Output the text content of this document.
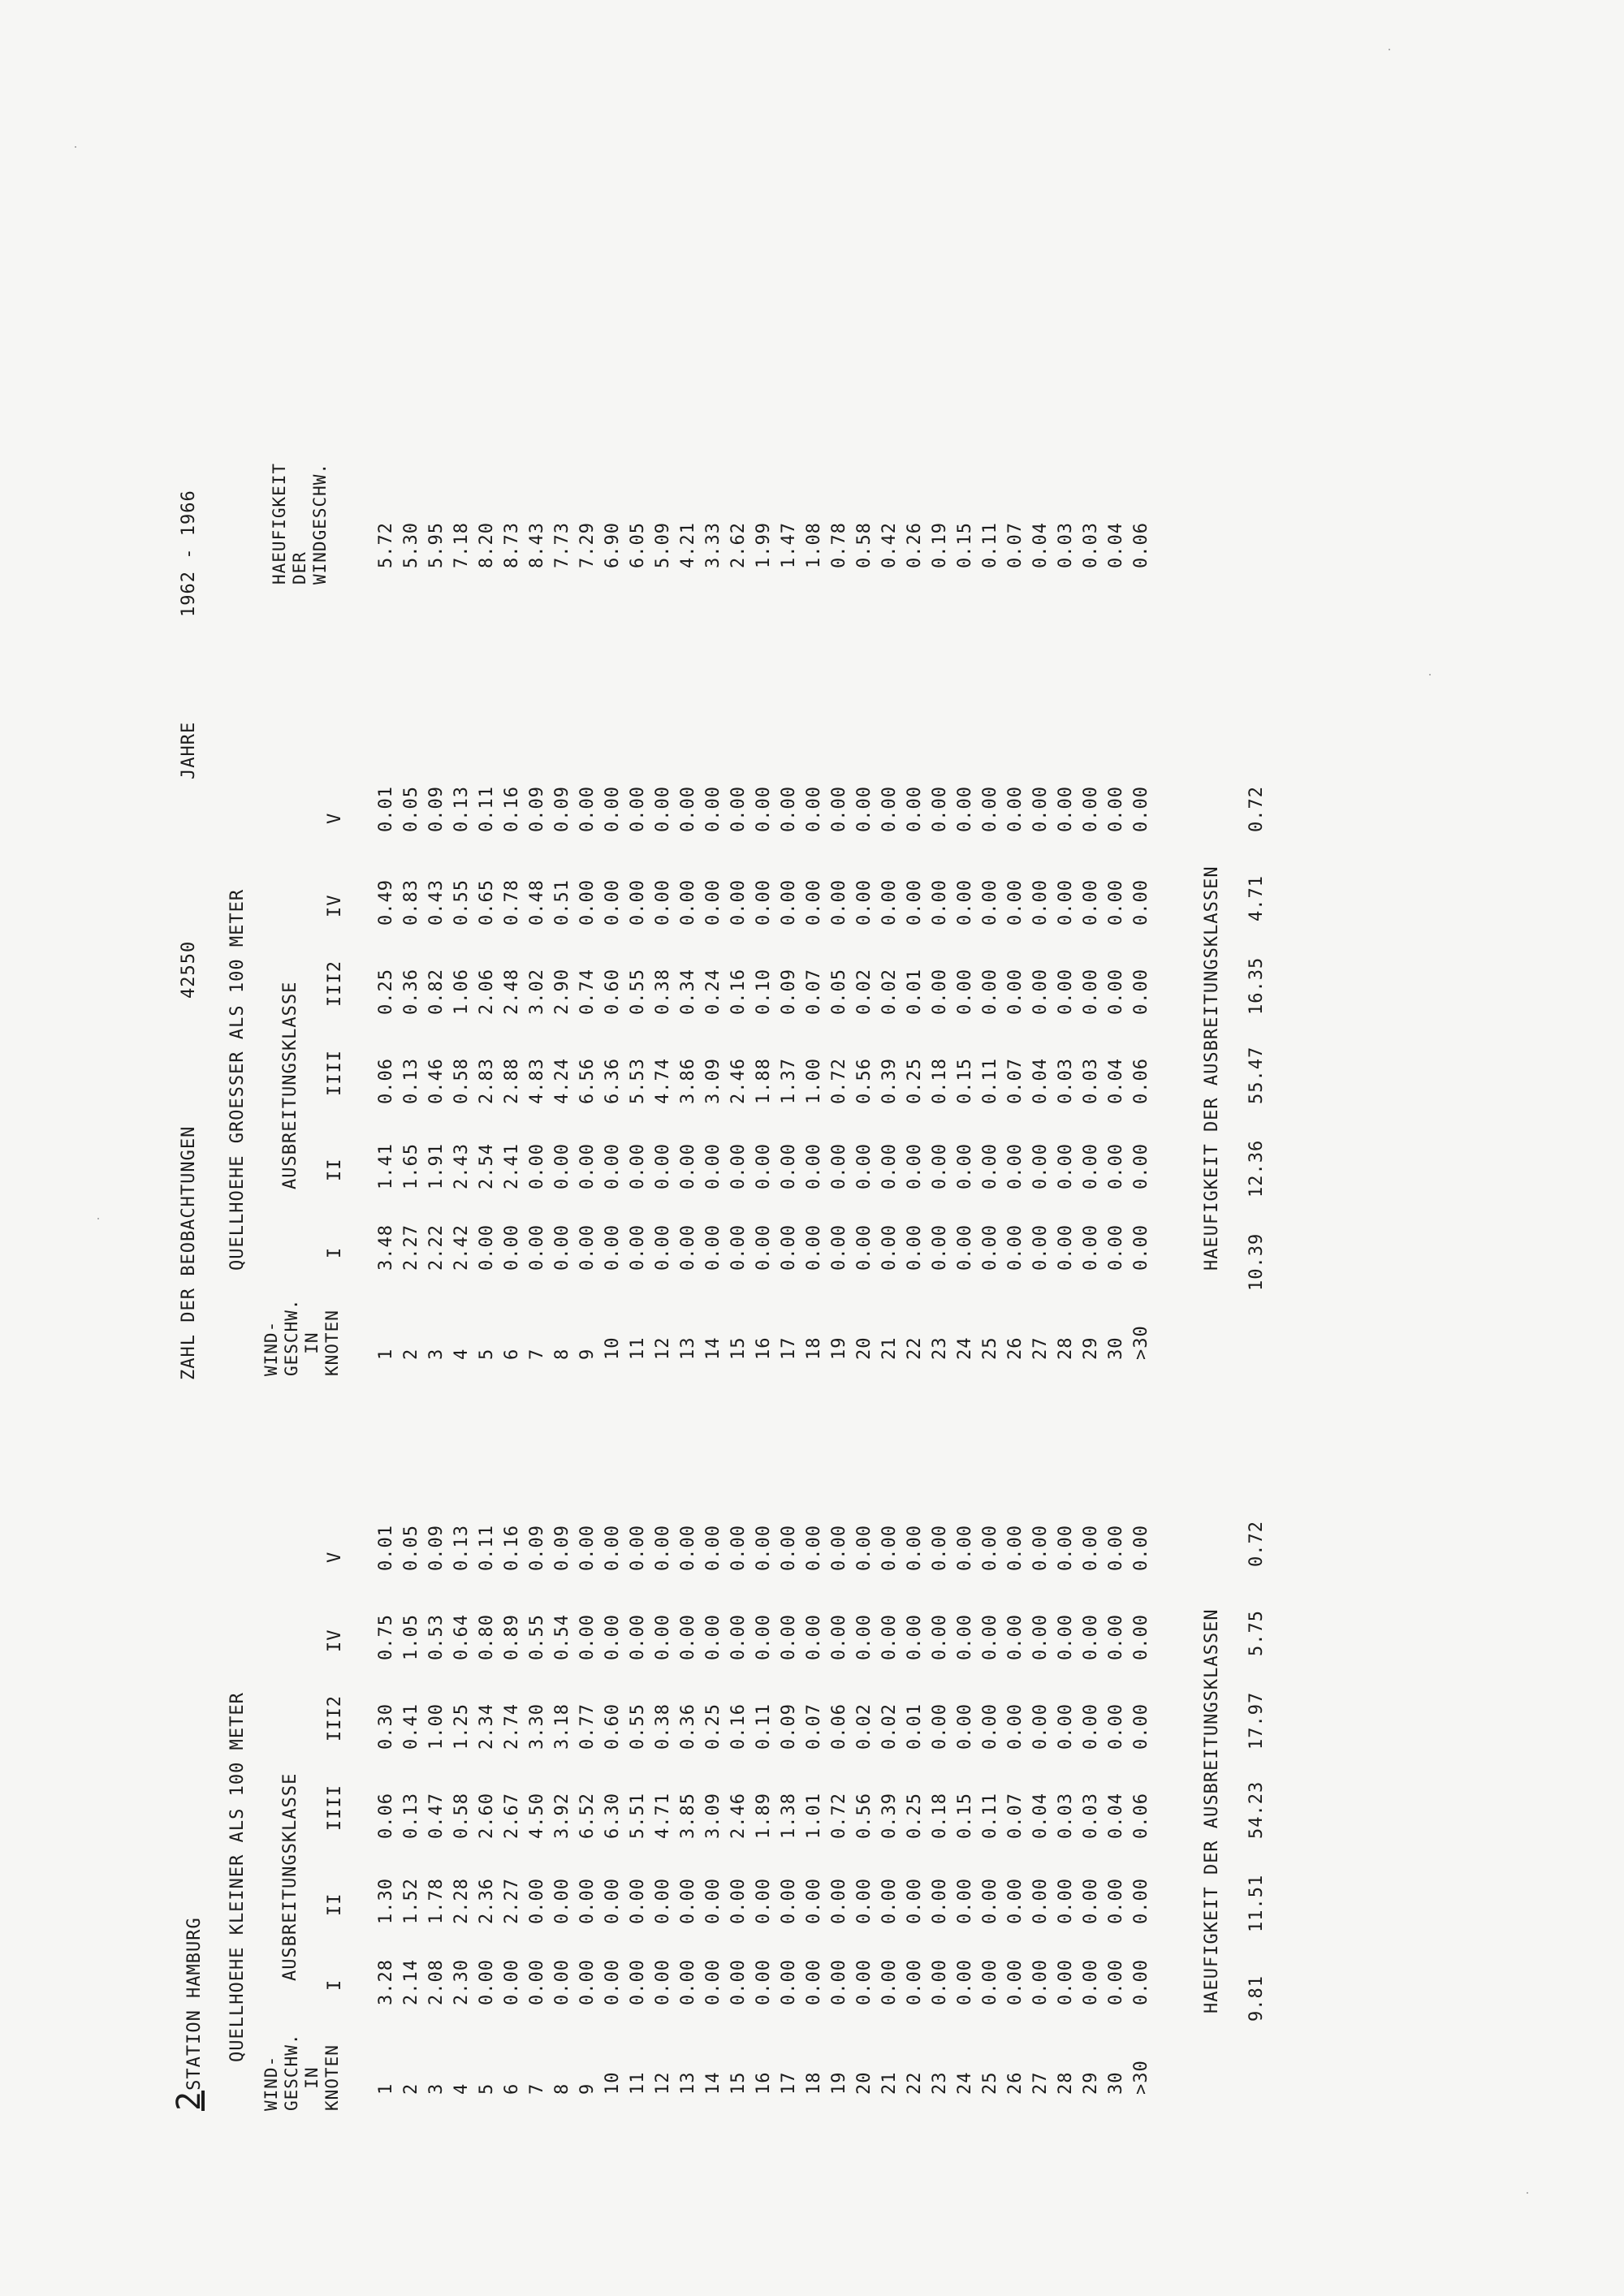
2STATION HAMBURG
ZAHL DER BEOBACHTUNGEN
42550
JAHRE
1962 - 1966
QUELLHOEHE KLEINER ALS 100 METER AUSBREITUNGSKLASSE
WIND-
GESCHW.
IN
KNOTEN
I
II
IIII
III2
IV
V
1 2 3 4 5 6 7 8 9 10 11 12 13 14 15 16 17 18 19 20 21 22 23 24 25 26 27 28 29 30 >30
3.28 2.14 2.08 2.30 0.00 0.00 0.00 0.00 0.00 0.00 0.00 0.00 0.00 0.00 0.00 0.00 0.00 0.00 0.00 0.00 0.00 0.00 0.00 0.00 0.00 0.00 0.00 0.00 0.00 0.00 0.00
1.30 1.52 1.78 2.28 2.36 2.27 0.00 0.00 0.00 0.00 0.00 0.00 0.00 0.00 0.00 0.00 0.00 0.00 0.00 0.00 0.00 0.00 0.00 0.00 0.00 0.00 0.00 0.00 0.00 0.00 0.00
0.06 0.13 0.47 0.58 2.60 2.67 4.50 3.92 6.52 6.30 5.51 4.71 3.85 3.09 2.46 1.89 1.38 1.01 0.72 0.56 0.39 0.25 0.18 0.15 0.11 0.07 0.04 0.03 0.03 0.04 0.06
0.30 0.41 1.00 1.25 2.34 2.74 3.30 3.18 0.77 0.60 0.55 0.38 0.36 0.25 0.16 0.11 0.09 0.07 0.06 0.02 0.02 0.01 0.00 0.00 0.00 0.00 0.00 0.00 0.00 0.00 0.00
0.75 1.05 0.53 0.64 0.80 0.89 0.55 0.54 0.00 0.00 0.00 0.00 0.00 0.00 0.00 0.00 0.00 0.00 0.00 0.00 0.00 0.00 0.00 0.00 0.00 0.00 0.00 0.00 0.00 0.00 0.00
0.01 0.05 0.09 0.13 0.11 0.16 0.09 0.09 0.00 0.00 0.00 0.00 0.00 0.00 0.00 0.00 0.00 0.00 0.00 0.00 0.00 0.00 0.00 0.00 0.00 0.00 0.00 0.00 0.00 0.00 0.00
HAEUFIGKEIT DER AUSBREITUNGSKLASSEN 9.81
11.51
54.23
17.97
5.75
0.72
QUELLHOEHE GROESSER ALS 100 METER AUSBREITUNGSKLASSE
WIND-
GESCHW.
IN
KNOTEN
I
II
IIII
III2
IV
V
1 2 3 4 5 6 7 8 9 10 11 12 13 14 15 16 17 18 19 20 21 22 23 24 25 26 27 28 29 30 >30
3.48 2.27 2.22 2.42 0.00 0.00 0.00 0.00 0.00 0.00 0.00 0.00 0.00 0.00 0.00 0.00 0.00 0.00 0.00 0.00 0.00 0.00 0.00 0.00 0.00 0.00 0.00 0.00 0.00 0.00 0.00
1.41 1.65 1.91 2.43 2.54 2.41 0.00 0.00 0.00 0.00 0.00 0.00 0.00 0.00 0.00 0.00 0.00 0.00 0.00 0.00 0.00 0.00 0.00 0.00 0.00 0.00 0.00 0.00 0.00 0.00 0.00
0.06 0.13 0.46 0.58 2.83 2.88 4.83 4.24 6.56 6.36 5.53 4.74 3.86 3.09 2.46 1.88 1.37 1.00 0.72 0.56 0.39 0.25 0.18 0.15 0.11 0.07 0.04 0.03 0.03 0.04 0.06
0.25 0.36 0.82 1.06 2.06 2.48 3.02 2.90 0.74 0.60 0.55 0.38 0.34 0.24 0.16 0.10 0.09 0.07 0.05 0.02 0.02 0.01 0.00 0.00 0.00 0.00 0.00 0.00 0.00 0.00 0.00
0.49 0.83 0.43 0.55 0.65 0.78 0.48 0.51 0.00 0.00 0.00 0.00 0.00 0.00 0.00 0.00 0.00 0.00 0.00 0.00 0.00 0.00 0.00 0.00 0.00 0.00 0.00 0.00 0.00 0.00 0.00
0.01 0.05 0.09 0.13 0.11 0.16 0.09 0.09 0.00 0.00 0.00 0.00 0.00 0.00 0.00 0.00 0.00 0.00 0.00 0.00 0.00 0.00 0.00 0.00 0.00 0.00 0.00 0.00 0.00 0.00 0.00
HAEUFIGKEIT DER AUSBREITUNGSKLASSEN 10.39
12.36
55.47
16.35
4.71
0.72
HAEUFIGKEIT
DER
WINDGESCHW.	5.72 5.30 5.95 7.18 8.20 8.73 8.43 7.73 7.29 6.90 6.05 5.09 4.21 3.33 2.62 1.99 1.47 1.08 0.78 0.58 0.42 0.26 0.19 0.15 0.11 0.07 0.04 0.03 0.03 0.04 0.06
